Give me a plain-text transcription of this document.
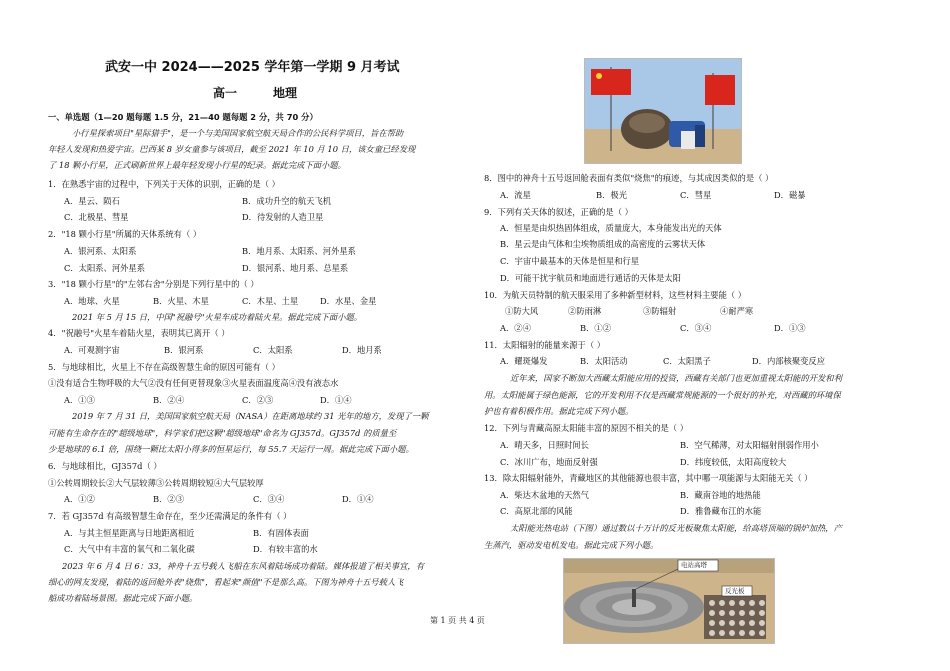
武安一中 2024——2025 学年第一学期 9 月考试
高一	地理
一、单选题（1—20 题每题 1.5 分，21—40 题每题 2 分，共 70 分）
小行星探索项目"星际猎手"，是一个与美国国家航空航天局合作的公民科学项目，旨在帮助
年轻人发现和热爱宇宙。巴西某 8 岁女童参与该项目，截至 2021 年 10 月 10 日，该女童已经发现
了 18 颗小行星，正式刷新世界上最年轻发现小行星的纪录。据此完成下面小题。
1．在熟悉宇宙的过程中，下列关于天体的识别，正确的是（ ）
A．星云、陨石	B．成功升空的航天飞机
C．北极星、彗星	D．待发射的人造卫星
2．"18 颗小行星"所属的天体系统有（ ）
A．银河系、太阳系	B．地月系、太阳系、河外星系
C．太阳系、河外星系	D．银河系、地月系、总星系
3．"18 颗小行星"的"左邻右舍"分别是下列行星中的（ ）
A．地球、火星	B．火星、木星	C．木星、土星	D．水星、金星
2021 年 5 月 15 日，中国"祝融号"火星车成功着陆火星。据此完成下面小题。
4．"祝融号"火星车着陆火星，表明其已离开（ ）
A．可观测宇宙	B．银河系	C．太阳系	D．地月系
5．与地球相比，火星上不存在高级智慧生命的原因可能有（ ）
①没有适合生物呼吸的大气②没有任何更替现象③火星表面温度高④没有液态水
A．①③	B．②④	C．②③	D．①④
2019 年 7 月 31 日，美国国家航空航天局（NASA）在距离地球约 31 光年的地方，发现了一颗
可能有生命存在的"超级地球"，科学家们把这颗"超级地球"命名为 GJ357d。GJ357d 的质量至
少是地球的 6.1 倍，围绕一颗比太阳小得多的恒星运行，每 55.7 天运行一周。据此完成下面小题。
6．与地球相比，GJ357d（ ）
①公转周期较长②大气层较薄③公转周期较短④大气层较厚
A．①②	B．②③	C．③④	D．①④
7．若 GJ357d 有高级智慧生命存在，至少还需满足的条件有（ ）
A．与其主恒星距离与日地距离相近	B．有固体表面
C．大气中有丰富的氧气和二氧化碳	D．有较丰富的水
2023 年 6 月 4 日 6：33，神舟十五号载人飞船在东风着陆场成功着陆。媒体报道了相关事宜，有
细心的网友发现，着陆的返回舱外表"烧焦"，看起来"颜值"不是那么高。下图为神舟十五号载人飞
船成功着陆场景图。据此完成下面小题。
8．图中的神舟十五号返回舱表面有类似"烧焦"的痕迹，与其成因类似的是（ ）
A．流星	B．极光	C．彗星	D．磁暴
9．下列有关天体的叙述，正确的是（ ）
A．恒星是由炽热固体组成，质量庞大，本身能发出光的天体
B．星云是由气体和尘埃物质组成的高密度的云雾状天体
C．宇宙中最基本的天体是恒星和行星
D．可能干扰宇航员和地面进行通话的天体是太阳
10．为航天员特制的航天服采用了多种新型材料，这些材料主要能（ ）
①防大风	②防雨淋	③防辐射	④耐严寒
A．②④	B．①②	C．③④	D．①③
11．太阳辐射的能量来源于（ ）
A．耀斑爆发	B．太阳活动	C．太阳黑子	D．内部核聚变反应
近年来，国家不断加大西藏太阳能应用的投资，西藏有关部门也更加重视太阳能的开发和利
用。太阳能属于绿色能源，它的开发利用不仅是西藏常规能源的一个很好的补充，对西藏的环境保
护也有着积极作用。据此完成下列小题。
12．下列与青藏高原太阳能丰富的原因不相关的是（ ）
A．晴天多，日照时间长	B．空气稀薄，对太阳辐射削弱作用小
C．冰川广布，地面反射强	D．纬度较低，太阳高度较大
13．除太阳辐射能外，青藏地区的其他能源也很丰富，其中哪一项能源与太阳能无关（ ）
A．柴达木盆地的天然气	B．藏南谷地的地热能
C．高原北部的风能	D．雅鲁藏布江的水能
太阳能光热电站（下图）通过数以十万计的反光板聚焦太阳能，给高塔顶端的锅炉加热，产
生蒸汽，驱动发电机发电。据此完成下列小题。
电站高塔
反光板
第 1 页 共 4 页
